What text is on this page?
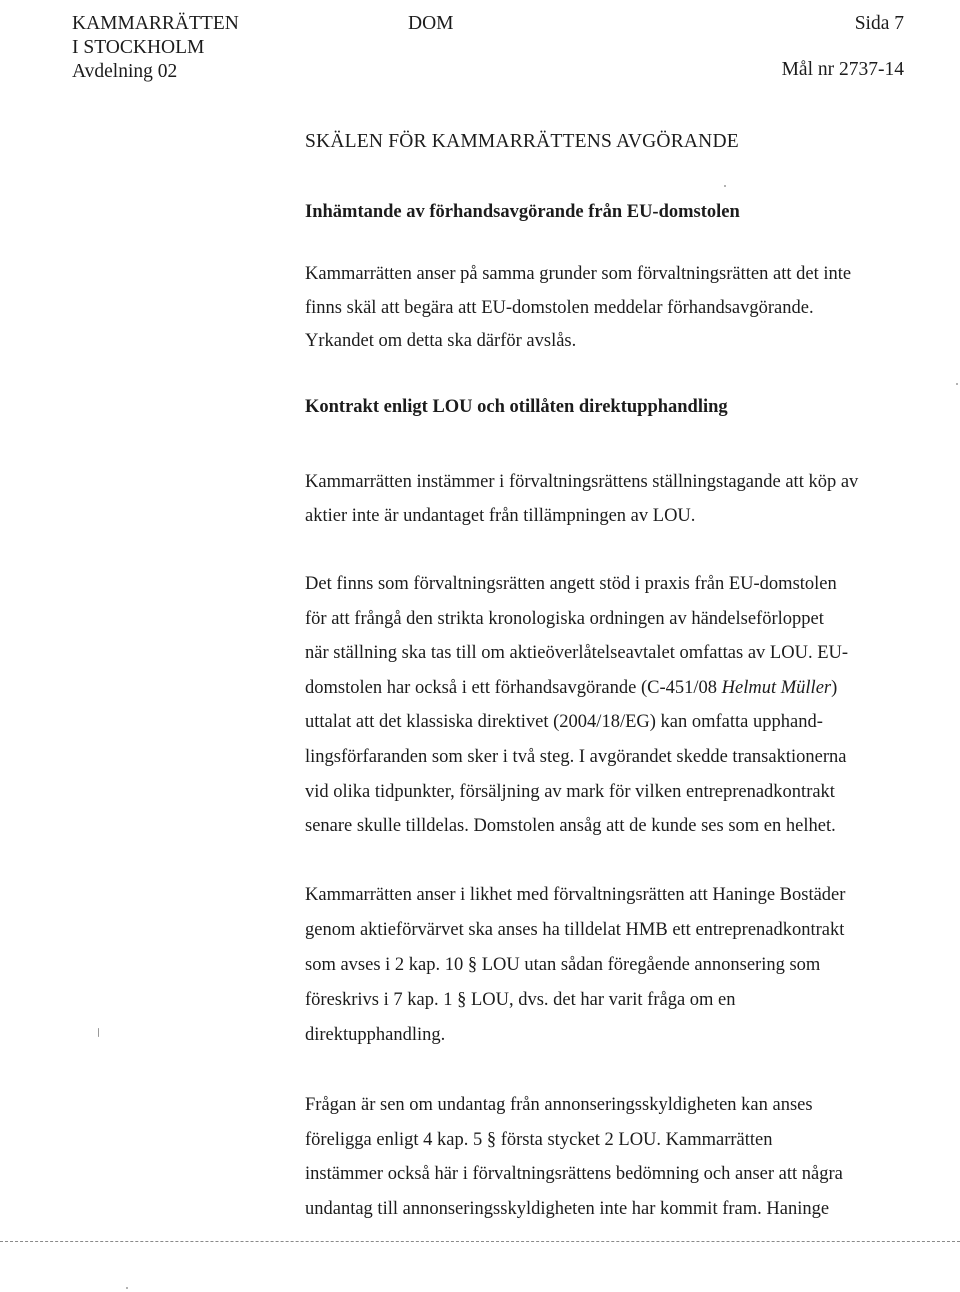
KAMMARRÄTTEN
I STOCKHOLM
Avdelning 02
DOM	Sida 7
Mål nr 2737-14
SKÄLEN FÖR KAMMARRÄTTENS AVGÖRANDE
Inhämtande av förhandsavgörande från EU-domstolen
Kammarrätten anser på samma grunder som förvaltningsrätten att det inte
finns skäl att begära att EU-domstolen meddelar förhandsavgörande.
Yrkandet om detta ska därför avslås.
Kontrakt enligt LOU och otillåten direktupphandling
Kammarrätten instämmer i förvaltningsrättens ställningstagande att köp av
aktier inte är undantaget från tillämpningen av LOU.
Det finns som förvaltningsrätten angett stöd i praxis från EU-domstolen
för att frångå den strikta kronologiska ordningen av händelseförloppet
när ställning ska tas till om aktieöverlåtelseavtalet omfattas av LOU. EU-
domstolen har också i ett förhandsavgörande (C-451/08 Helmut Müller)
uttalat att det klassiska direktivet (2004/18/EG) kan omfatta upphand-
lingsförfaranden som sker i två steg. I avgörandet skedde transaktionerna
vid olika tidpunkter, försäljning av mark för vilken entreprenadkontrakt
senare skulle tilldelas. Domstolen ansåg att de kunde ses som en helhet.
Kammarrätten anser i likhet med förvaltningsrätten att Haninge Bostäder
genom aktieförvärvet ska anses ha tilldelat HMB ett entreprenadkontrakt
som avses i 2 kap. 10 § LOU utan sådan föregående annonsering som
föreskrivs i 7 kap. 1 § LOU, dvs. det har varit fråga om en
direktupphandling.
Frågan är sen om undantag från annonseringsskyldigheten kan anses
föreligga enligt 4 kap. 5 § första stycket 2 LOU. Kammarrätten
instämmer också här i förvaltningsrättens bedömning och anser att några
undantag till annonseringsskyldigheten inte har kommit fram. Haninge
